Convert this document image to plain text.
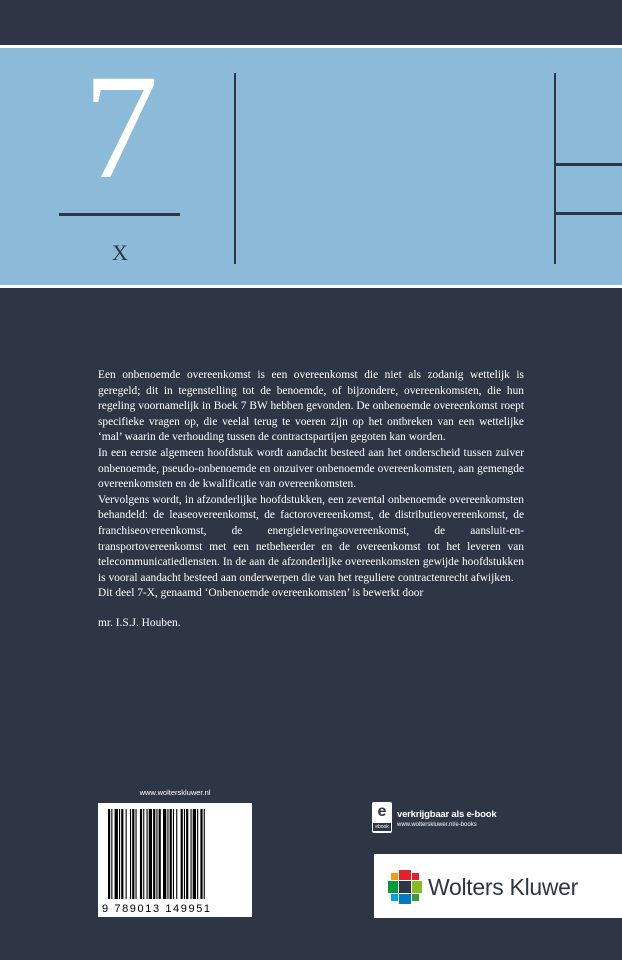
7
X

Een onbenoemde overeenkomst is een overeenkomst die niet als zodanig wettelijk is geregeld; dit in tegenstelling tot de benoemde, of bijzondere, overeenkomsten, die hun regeling voornamelijk in Boek 7 BW hebben gevonden. De onbenoemde overeenkomst roept specifieke vragen op, die veelal terug te voeren zijn op het ontbreken van een wettelijke ‘mal’ waarin de verhouding tussen de contractspartijen gegoten kan worden.

In een eerste algemeen hoofdstuk wordt aandacht besteed aan het onderscheid tussen zuiver onbenoemde, pseudo-onbenoemde en onzuiver onbenoemde overeenkomsten, aan gemengde overeenkomsten en de kwalificatie van overeenkomsten.

Vervolgens wordt, in afzonderlijke hoofdstukken, een zevental onbenoemde overeenkomsten behandeld: de leaseovereenkomst, de factorovereenkomst, de distributieovereenkomst, de franchiseovereenkomst, de energieleveringsovereenkomst, de aansluit-en-transportovereenkomst met een netbeheerder en de overeenkomst tot het leveren van telecommunicatiediensten. In de aan de afzonderlijke overeenkomsten gewijde hoofdstukken is vooral aandacht besteed aan onderwerpen die van het reguliere contractenrecht afwijken.

Dit deel 7-X, genaamd ‘Onbenoemde overeenkomsten’ is bewerkt door

mr. I.S.J. Houben.

www.wolterskluwer.nl
9 789013 149951
e
ebook
verkrijgbaar als e-book
www.wolterskluwer.nl/e-books
Wolters Kluwer
